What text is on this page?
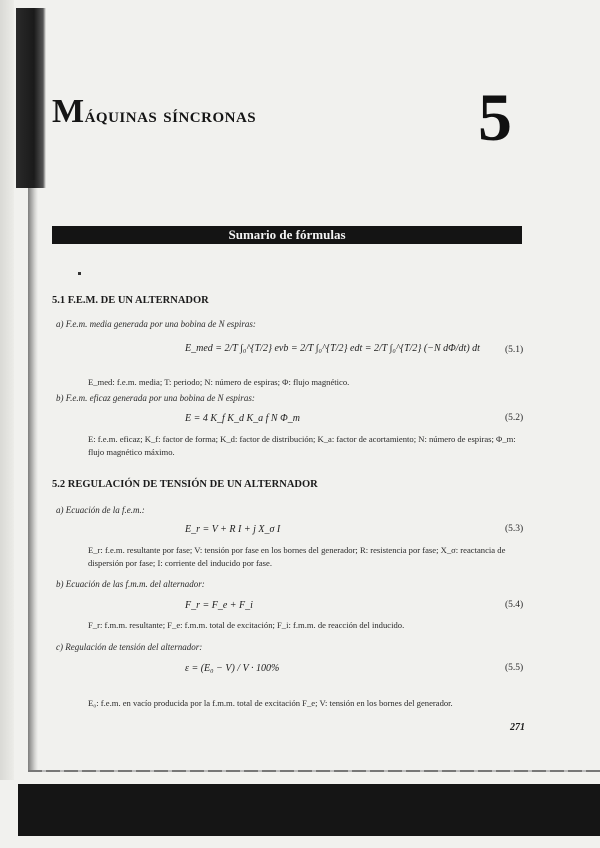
Máquinas síncronas	5
Sumario de fórmulas
5.1 F.E.M. DE UN ALTERNADOR

a) F.e.m. media generada por una bobina de N espiras:

E_med = 2/T ∫₀^{T/2} evb = 2/T ∫₀^{T/2} edt = 2/T ∫₀^{T/2} (−N dΦ/dt) dt	(5.1)

E_med: f.e.m. media; T: periodo; N: número de espiras; Φ: flujo magnético.

b) F.e.m. eficaz generada por una bobina de N espiras:

E = 4 K_f K_d K_a f N Φ_m	(5.2)

E: f.e.m. eficaz; K_f: factor de forma; K_d: factor de distribución; K_a: factor de acortamiento; N: número de espiras; Φ_m: flujo magnético máximo.

5.2 REGULACIÓN DE TENSIÓN DE UN ALTERNADOR

a) Ecuación de la f.e.m.:

E_r = V + R I + j X_σ I	(5.3)

E_r: f.e.m. resultante por fase; V: tensión por fase en los bornes del generador; R: resistencia por fase; X_σ: reactancia de dispersión por fase; I: corriente del inducido por fase.

b) Ecuación de las f.m.m. del alternador:

F_r = F_e + F_i	(5.4)

F_r: f.m.m. resultante; F_e: f.m.m. total de excitación; F_i: f.m.m. de reacción del inducido.

c) Regulación de tensión del alternador:

ε = (E₀ − V) / V · 100%	(5.5)

E₀: f.e.m. en vacío producida por la f.m.m. total de excitación F_e; V: tensión en los bornes del generador.

271
